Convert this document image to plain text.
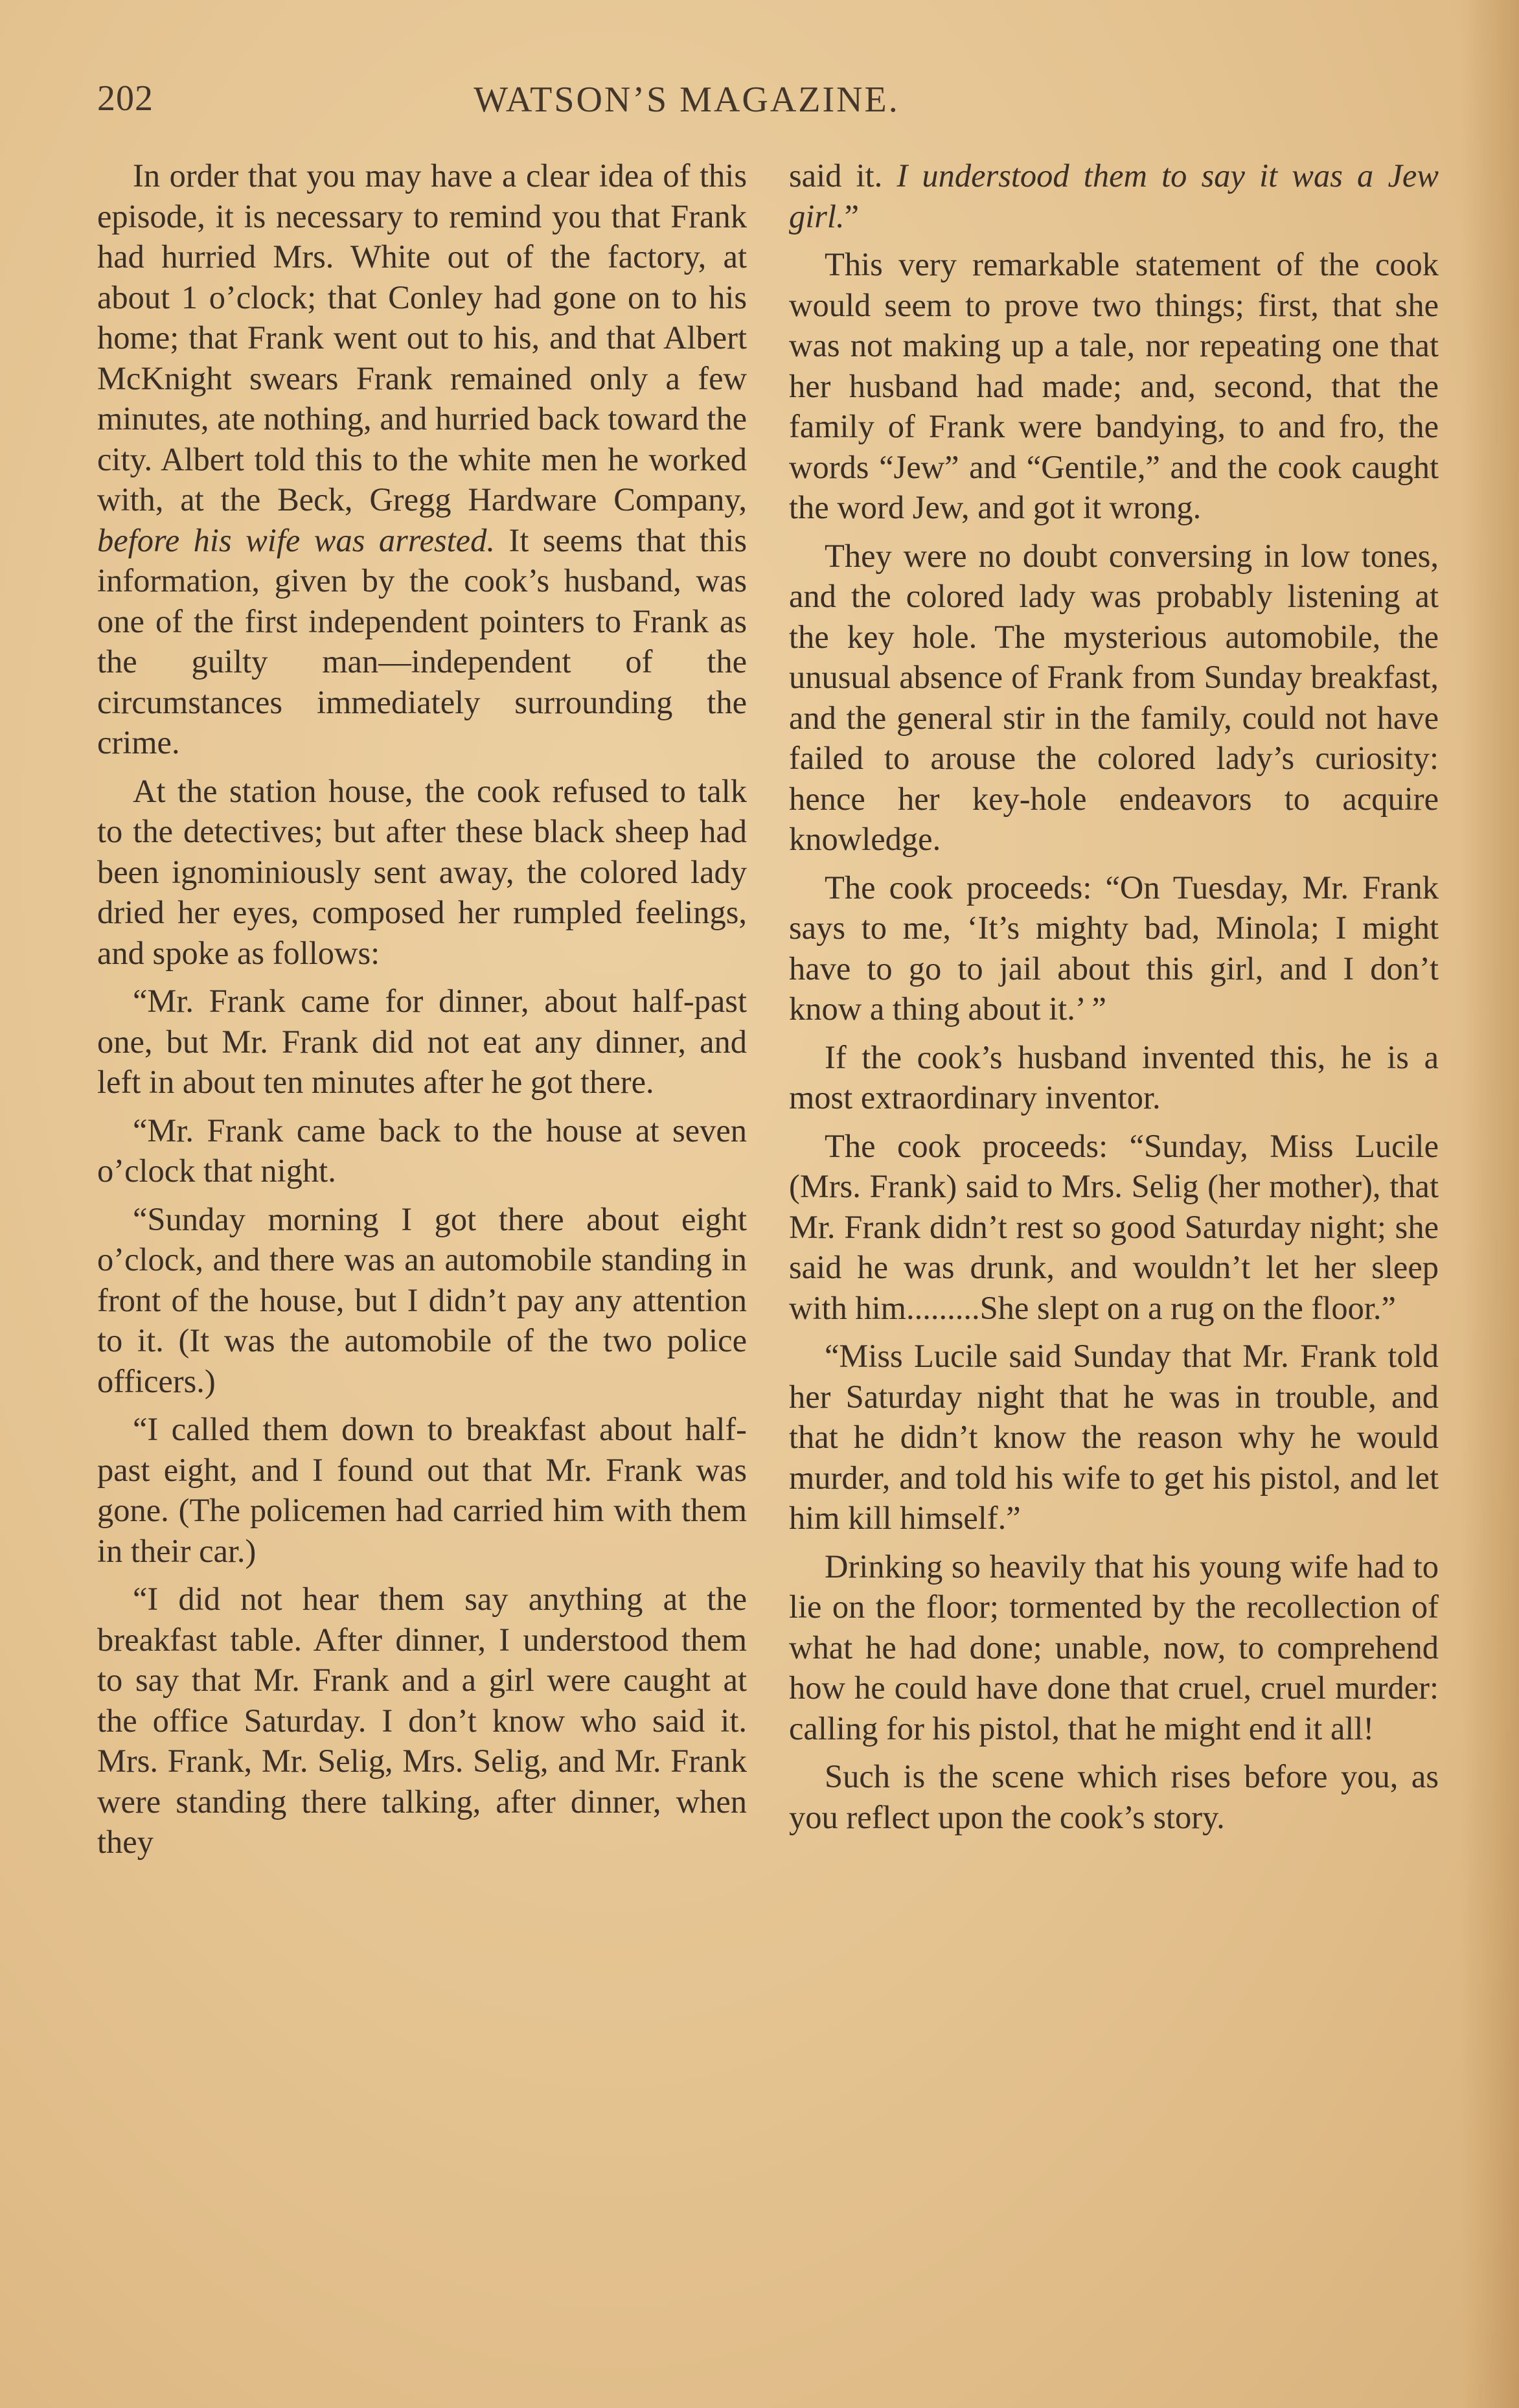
202	WATSON’S MAGAZINE.

In order that you may have a clear idea of this episode, it is necessary to remind you that Frank had hurried Mrs. White out of the factory, at about 1 o’clock; that Conley had gone on to his home; that Frank went out to his, and that Albert McKnight swears Frank remained only a few minutes, ate nothing, and hurried back toward the city. Albert told this to the white men he worked with, at the Beck, Gregg Hardware Company, before his wife was arrested. It seems that this information, given by the cook’s husband, was one of the first independent pointers to Frank as the guilty man—independent of the circumstances immediately surrounding the crime.

At the station house, the cook refused to talk to the detectives; but after these black sheep had been ignominiously sent away, the colored lady dried her eyes, composed her rumpled feelings, and spoke as follows:

“Mr. Frank came for dinner, about half-past one, but Mr. Frank did not eat any dinner, and left in about ten minutes after he got there.

“Mr. Frank came back to the house at seven o’clock that night.

“Sunday morning I got there about eight o’clock, and there was an automobile standing in front of the house, but I didn’t pay any attention to it. (It was the automobile of the two police officers.)

“I called them down to breakfast about half-past eight, and I found out that Mr. Frank was gone. (The policemen had carried him with them in their car.)

“I did not hear them say anything at the breakfast table. After dinner, I understood them to say that Mr. Frank and a girl were caught at the office Saturday. I don’t know who said it. Mrs. Frank, Mr. Selig, Mrs. Selig, and Mr. Frank were standing there talking, after dinner, when they

said it. I understood them to say it was a Jew girl.”

This very remarkable statement of the cook would seem to prove two things; first, that she was not making up a tale, nor repeating one that her husband had made; and, second, that the family of Frank were bandying, to and fro, the words “Jew” and “Gentile,” and the cook caught the word Jew, and got it wrong.

They were no doubt conversing in low tones, and the colored lady was probably listening at the key hole. The mysterious automobile, the unusual absence of Frank from Sunday breakfast, and the general stir in the family, could not have failed to arouse the colored lady’s curiosity: hence her key-hole endeavors to acquire knowledge.

The cook proceeds: “On Tuesday, Mr. Frank says to me, ‘It’s mighty bad, Minola; I might have to go to jail about this girl, and I don’t know a thing about it.’ ”

If the cook’s husband invented this, he is a most extraordinary inventor.

The cook proceeds: “Sunday, Miss Lucile (Mrs. Frank) said to Mrs. Selig (her mother), that Mr. Frank didn’t rest so good Saturday night; she said he was drunk, and wouldn’t let her sleep with him.........She slept on a rug on the floor.”

“Miss Lucile said Sunday that Mr. Frank told her Saturday night that he was in trouble, and that he didn’t know the reason why he would murder, and told his wife to get his pistol, and let him kill himself.”

Drinking so heavily that his young wife had to lie on the floor; tormented by the recollection of what he had done; unable, now, to comprehend how he could have done that cruel, cruel murder: calling for his pistol, that he might end it all!

Such is the scene which rises before you, as you reflect upon the cook’s story.
